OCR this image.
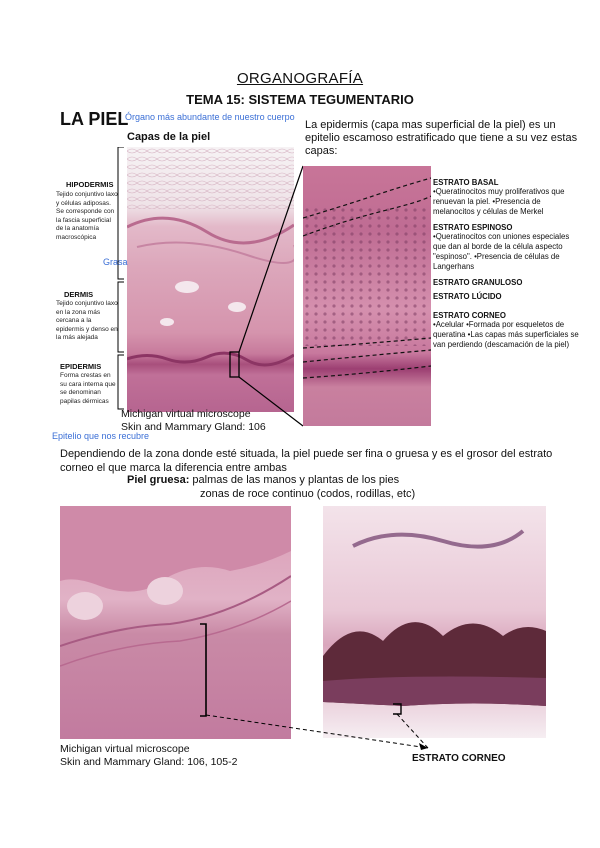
ORGANOGRAFÍA
TEMA 15: SISTEMA TEGUMENTARIO
LA PIEL
Órgano más abundante de nuestro cuerpo
Capas de la piel
La epidermis (capa mas superficial de la piel) es un epitelio escamoso estratificado que tiene a su vez estas capas:
HIPODERMIS
Tejido conjuntivo laxo y células adiposas. Se corresponde con la fascia superficial de la anatomía macroscópica
Grasa
DERMIS
Tejido conjuntivo laxo en la zona más cercana a la epidermis y denso en la más alejada
EPIDERMIS
Forma crestas en su cara interna que se denominan papilas dérmicas
Epitelio que nos recubre
Michigan virtual microscope
Skin and Mammary Gland: 106
ESTRATO BASAL
•Queratinocitos muy proliferativos que renuevan la piel. •Presencia de melanocitos y células de Merkel
ESTRATO ESPINOSO
•Queratinocitos con uniones especiales que dan al borde de la célula aspecto "espinoso". •Presencia de células de Langerhans
ESTRATO GRANULOSO
ESTRATO LÚCIDO
ESTRATO CORNEO
•Acelular •Formada por esqueletos de queratina •Las capas más superficiales se van perdiendo (descamación de la piel)
Dependiendo de la zona donde esté situada, la piel puede ser fina o gruesa y es el grosor del estrato corneo el que marca la diferencia entre ambas
Piel gruesa: palmas de las manos y plantas de los pies
zonas de roce continuo (codos, rodillas, etc)
Michigan virtual microscope
Skin and Mammary Gland: 106, 105-2	ESTRATO CORNEO
